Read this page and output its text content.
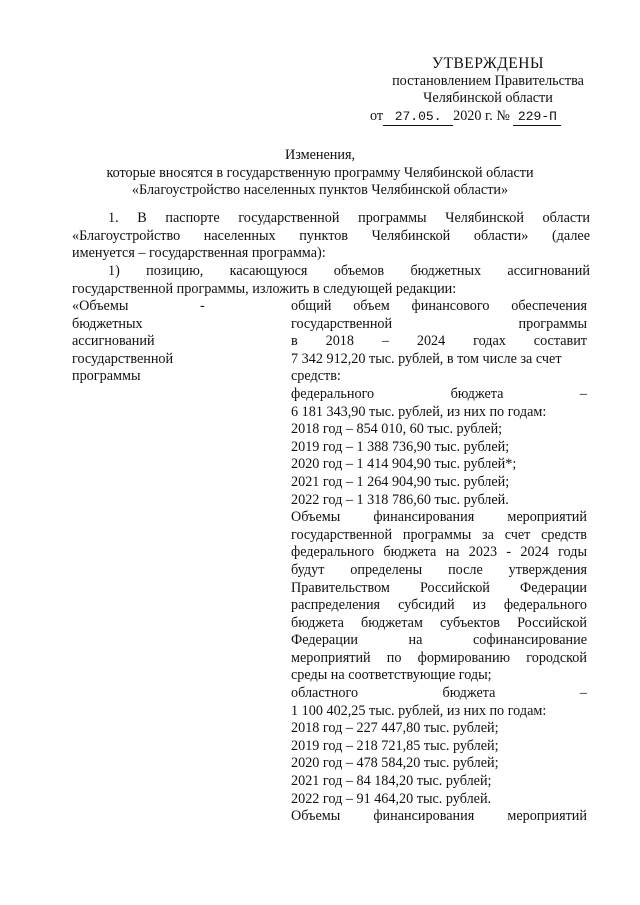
УТВЕРЖДЕНЫ
постановлением Правительства
Челябинской области
от 27.05. 2020 г. № 229-П
Изменения,
которые вносятся в государственную программу Челябинской области
«Благоустройство населенных пунктов Челябинской области»
1. В паспорте государственной программы Челябинской области
«Благоустройство населенных пунктов Челябинской области» (далее
именуется – государственная программа):
1) позицию, касающуюся объемов бюджетных ассигнований
государственной программы, изложить в следующей редакции:
«Объемы
бюджетных
ассигнований
государственной
программы
-	общий объем финансового обеспечения
государственной программы
в 2018 – 2024 годах составит
7 342 912,20 тыс. рублей, в том числе за счет
средств:
федерального бюджета –
6 181 343,90 тыс. рублей, из них по годам:
2018 год – 854 010, 60 тыс. рублей;
2019 год – 1 388 736,90 тыс. рублей;
2020 год – 1 414 904,90 тыс. рублей*;
2021 год – 1 264 904,90 тыс. рублей;
2022 год – 1 318 786,60 тыс. рублей.
Объемы финансирования мероприятий
государственной программы за счет средств
федерального бюджета на 2023 - 2024 годы
будут определены после утверждения
Правительством Российской Федерации
распределения субсидий из федерального
бюджета бюджетам субъектов Российской
Федерации на софинансирование
мероприятий по формированию городской
среды на соответствующие годы;
областного бюджета –
1 100 402,25 тыс. рублей, из них по годам:
2018 год – 227 447,80 тыс. рублей;
2019 год – 218 721,85 тыс. рублей;
2020 год – 478 584,20 тыс. рублей;
2021 год – 84 184,20 тыс. рублей;
2022 год – 91 464,20 тыс. рублей.
Объемы финансирования мероприятий
